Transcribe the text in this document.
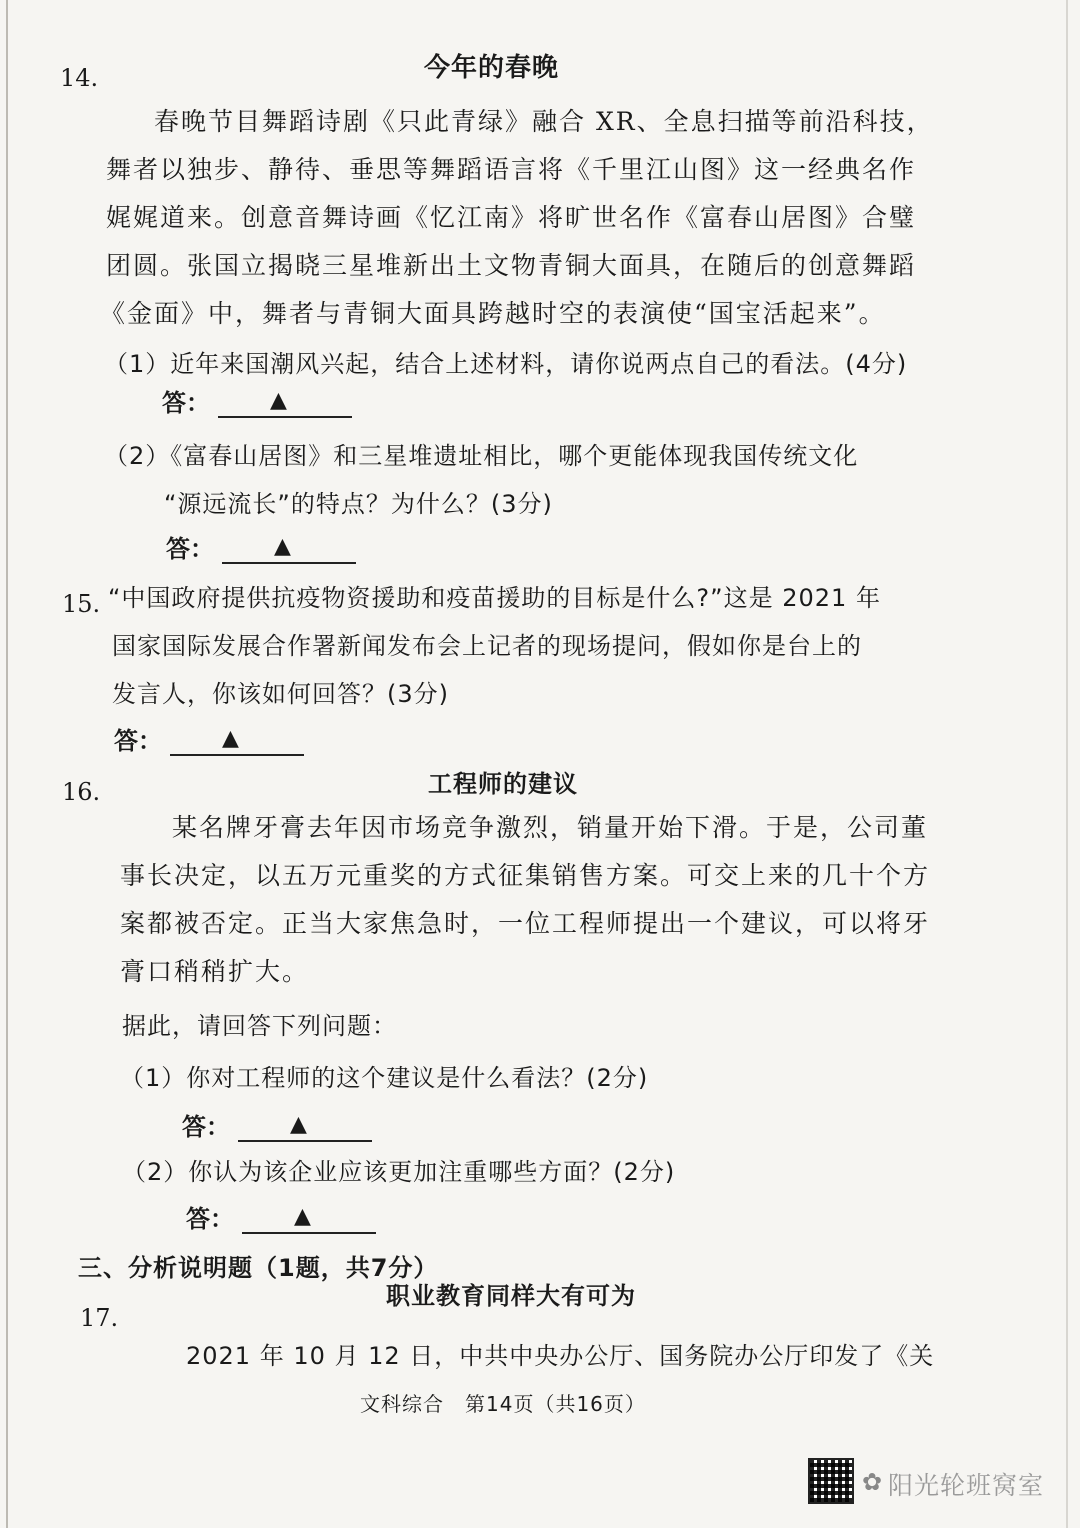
14.	今年的春晚
春晚节目舞蹈诗剧《只此青绿》融合 XR、全息扫描等前沿科技，
舞者以独步、静待、垂思等舞蹈语言将《千里江山图》这一经典名作
娓娓道来。创意音舞诗画《忆江南》将旷世名作《富春山居图》合璧
团圆。张国立揭晓三星堆新出土文物青铜大面具，在随后的创意舞蹈
《金面》中，舞者与青铜大面具跨越时空的表演使“国宝活起来”。
（1）近年来国潮风兴起，结合上述材料，请你说两点自己的看法。(4分)
答：	▲
（2）《富春山居图》和三星堆遗址相比，哪个更能体现我国传统文化
“源远流长”的特点？为什么？(3分)
答：	▲
15. “中国政府提供抗疫物资援助和疫苗援助的目标是什么?”这是 2021 年
国家国际发展合作署新闻发布会上记者的现场提问，假如你是台上的
发言人，你该如何回答？(3分)
答：	▲
16.	工程师的建议
某名牌牙膏去年因市场竞争激烈，销量开始下滑。于是，公司董
事长决定，以五万元重奖的方式征集销售方案。可交上来的几十个方
案都被否定。正当大家焦急时，一位工程师提出一个建议，可以将牙
膏口稍稍扩大。
据此，请回答下列问题：
（1）你对工程师的这个建议是什么看法？(2分)
答：	▲
（2）你认为该企业应该更加注重哪些方面？(2分)
答：	▲
三、分析说明题（1题，共7分）
职业教育同样大有可为
17.
2021 年 10 月 12 日，中共中央办公厅、国务院办公厅印发了《关
文科综合　第14页（共16页）
✿ 阳光轮班窝室
